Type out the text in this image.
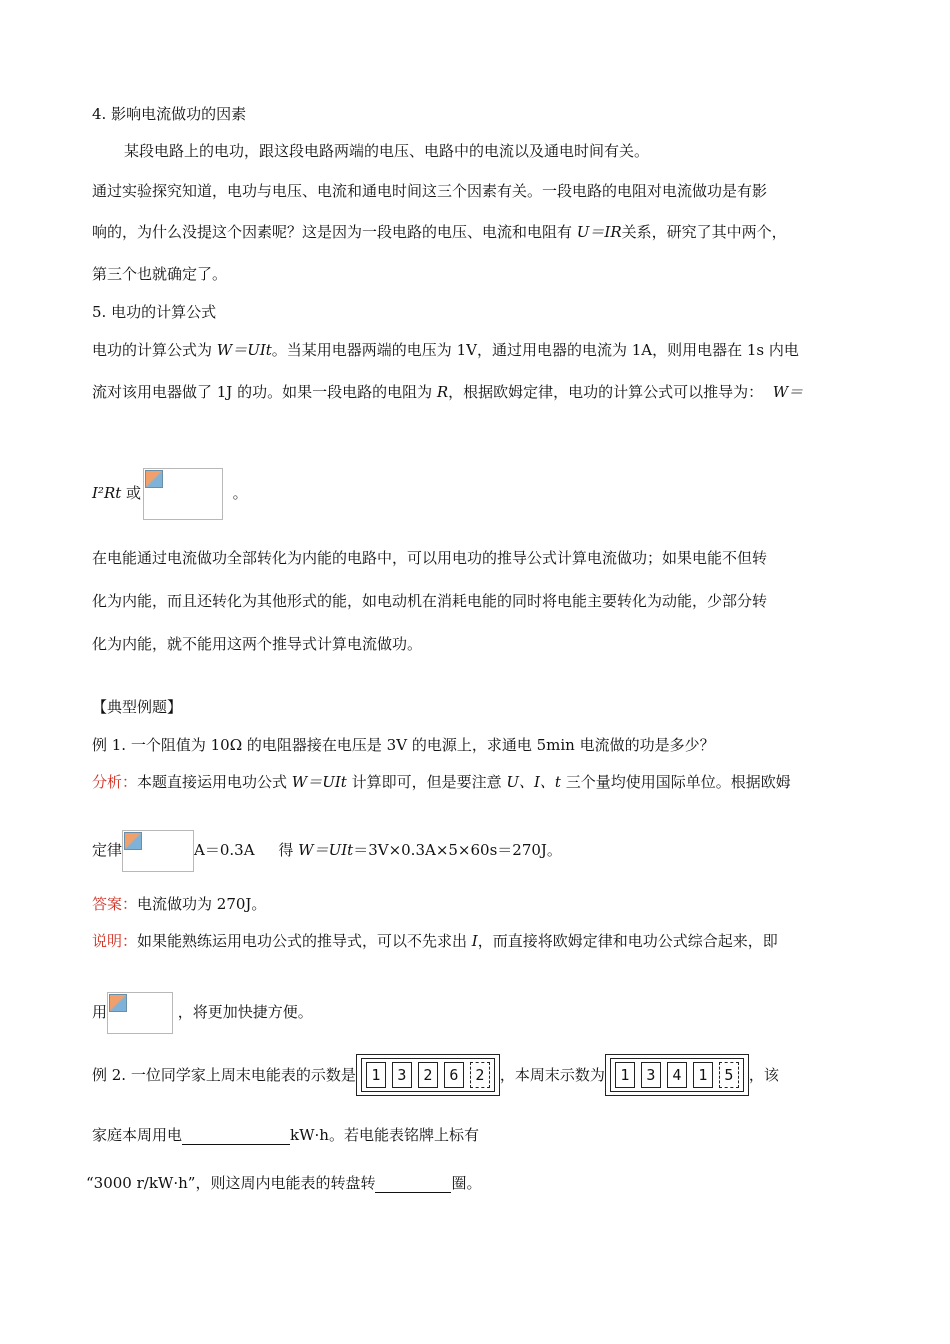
4. 影响电流做功的因素
某段电路上的电功，跟这段电路两端的电压、电路中的电流以及通电时间有关。
通过实验探究知道，电功与电压、电流和通电时间这三个因素有关。一段电路的电阻对电流做功是有影
响的，为什么没提这个因素呢？这是因为一段电路的电压、电流和电阻有 U＝IR关系，研究了其中两个，
第三个也就确定了。
5. 电功的计算公式
电功的计算公式为 W＝UIt。当某用电器两端的电压为 1V，通过用电器的电流为 1A，则用电器在 1s 内电
流对该用电器做了 1J 的功。如果一段电路的电阻为 R，根据欧姆定律，电功的计算公式可以推导为： W＝
I²Rt 或	。
在电能通过电流做功全部转化为内能的电路中，可以用电功的推导公式计算电流做功；如果电能不但转
化为内能，而且还转化为其他形式的能，如电动机在消耗电能的同时将电能主要转化为动能，少部分转
化为内能，就不能用这两个推导式计算电流做功。
【典型例题】
例 1. 一个阻值为 10Ω 的电阻器接在电压是 3V 的电源上，求通电 5min 电流做的功是多少？
分析：本题直接运用电功公式 W＝UIt 计算即可，但是要注意 U、I、t 三个量均使用国际单位。根据欧姆
定律	A＝0.3A 得 W＝UIt＝3V×0.3A×5×60s＝270J。
答案：电流做功为 270J。
说明：如果能熟练运用电功公式的推导式，可以不先求出 I，而直接将欧姆定律和电功公式综合起来，即
用	，将更加快捷方便。
例 2. 一位同学家上周末电能表的示数是	1	3	2	6	2	，本周末示数为	1	3	4	1	5	，该
家庭本周用电	kW·h。若电能表铭牌上标有
“3000 r/kW·h”，则这周内电能表的转盘转	圈。
